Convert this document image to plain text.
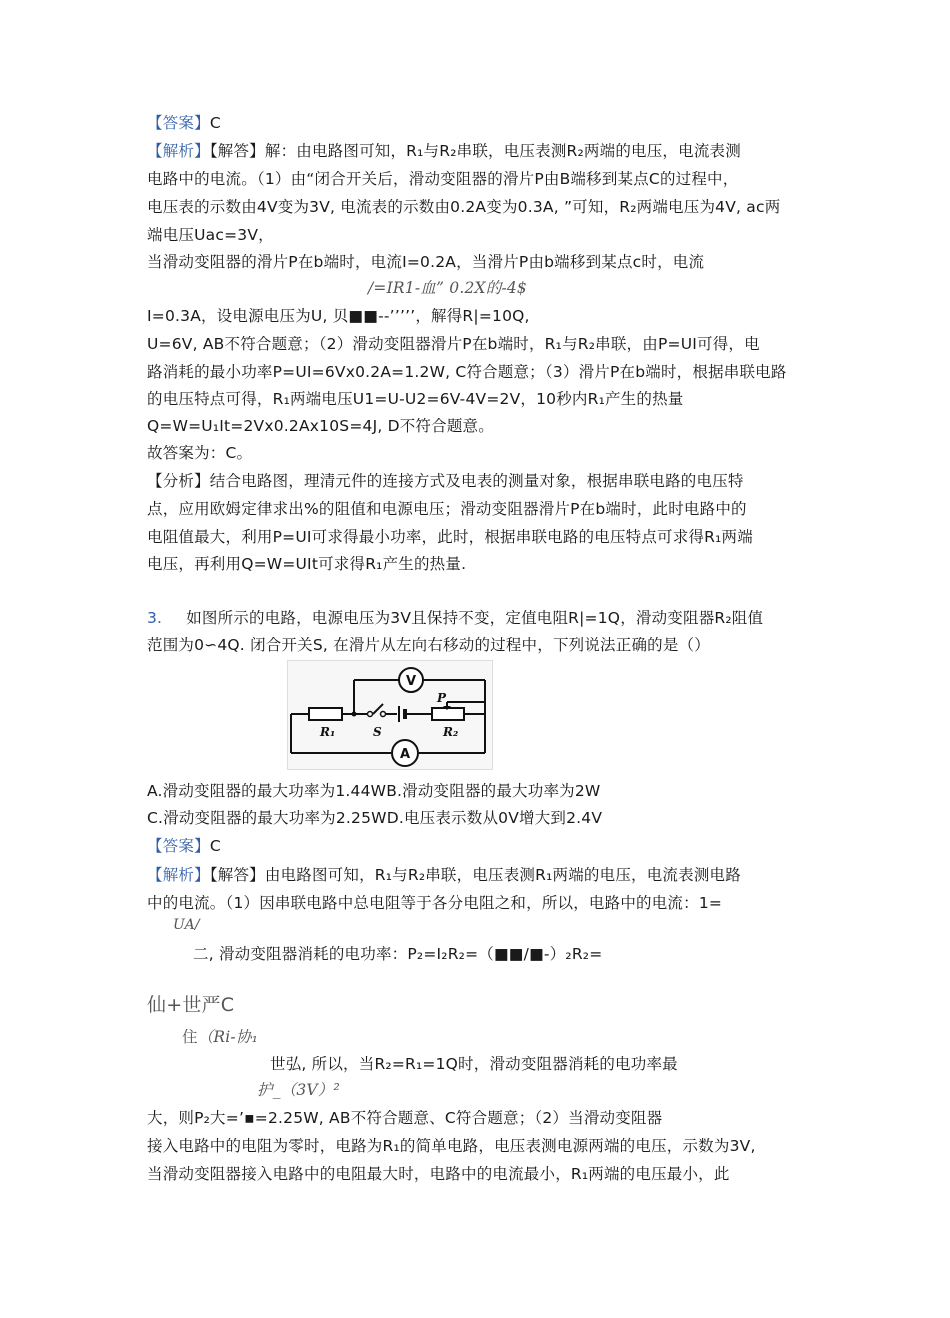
【答案】C
【解析】【解答】解：由电路图可知，R₁与R₂串联，电压表测R₂两端的电压，电流表测
电路中的电流。（1）由“闭合开关后，滑动变阻器的滑片P由B端移到某点C的过程中，
电压表的示数由4V变为3V, 电流表的示数由0.2A变为0.3A, ”可知，R₂两端电压为4V, ac两
端电压Uac=3V，
当滑动变阻器的滑片P在b端时，电流I=0.2A，当滑片P由b端移到某点c时，电流
/=IR1-血” 0.2X的-4$
I=0.3A，设电源电压为U, 贝■■--’’’’’，解得R|=10Q,
U=6V, AB不符合题意；（2）滑动变阻器滑片P在b端时，R₁与R₂串联，由P=UI可得，电
路消耗的最小功率P=UI=6Vx0.2A=1.2W, C符合题意；（3）滑片P在b端时，根据串联电路
的电压特点可得，R₁两端电压U1=U-U2=6V-4V=2V，10秒内R₁产生的热量
Q=W=U₁It=2Vx0.2Ax10S=4J, D不符合题意。
故答案为：C。
【分析】结合电路图，理清元件的连接方式及电表的测量对象，根据串联电路的电压特
点，应用欧姆定律求出%的阻值和电源电压；滑动变阻器滑片P在b端时，此时电路中的
电阻值最大，利用P=UI可求得最小功率，此时，根据串联电路的电压特点可求得R₁两端
电压，再利用Q=W=UIt可求得R₁产生的热量.
3. 如图所示的电路，电源电压为3V且保持不变，定值电阻R|=1Q，滑动变阻器R₂阻值
范围为0∽4Q. 闭合开关S, 在滑片从左向右移动的过程中，下列说法正确的是（）
V
A
R₁	R₂
S
P
A.滑动变阻器的最大功率为1.44WB.滑动变阻器的最大功率为2W
C.滑动变阻器的最大功率为2.25WD.电压表示数从0V增大到2.4V
【答案】C
【解析】【解答】由电路图可知，R₁与R₂串联，电压表测R₁两端的电压，电流表测电路
中的电流。（1）因串联电路中总电阻等于各分电阻之和，所以，电路中的电流：1=
UA/
二, 滑动变阻器消耗的电功率：P₂=I₂R₂=（■■/■-）₂R₂=
仙+世严C
住（Ri-协₁
世弘, 所以，当R₂=R₁=1Q时，滑动变阻器消耗的电功率最
护_（3V）²
大，则P₂大=’▪=2.25W, AB不符合题意、C符合题意；（2）当滑动变阻器
接入电路中的电阻为零时，电路为R₁的简单电路，电压表测电源两端的电压，示数为3V,
当滑动变阻器接入电路中的电阻最大时，电路中的电流最小，R₁两端的电压最小，此
